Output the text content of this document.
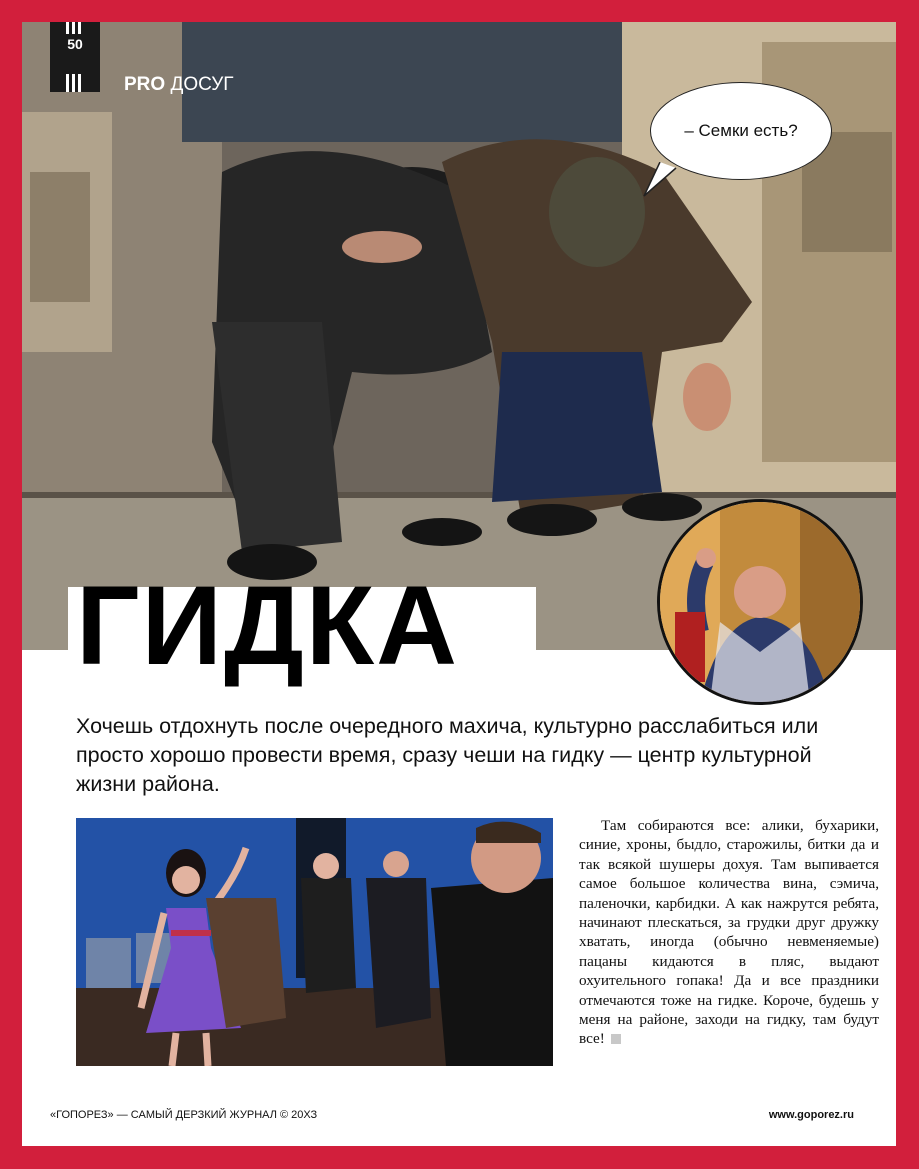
50
PRO ДОСУГ
– Семки есть?
ГИДКА
Хочешь отдохнуть после очередного махича, культурно расслабиться или просто хорошо провести время, сразу чеши на гидку — центр культурной жизни района.
Там собираются все: алики, бухарики, синие, хроны, быдло, старожилы, битки да и так всякой шушеры дохуя. Там выпивается самое большое количества вина, сэмича, паленочки, карбидки. А как нажрутся ребята, начинают плескаться, за грудки друг дружку хватать, иногда (обычно невменяемые) пацаны кидаются в пляс, выдают охуительного гопака! Да и все праздники отмечаются тоже на гидке. Короче, будешь у меня на районе, заходи на гидку, там будут все!
«ГОПОРЕЗ» — САМЫЙ ДЕРЗКИЙ ЖУРНАЛ © 20ХЗ	www.goporez.ru
